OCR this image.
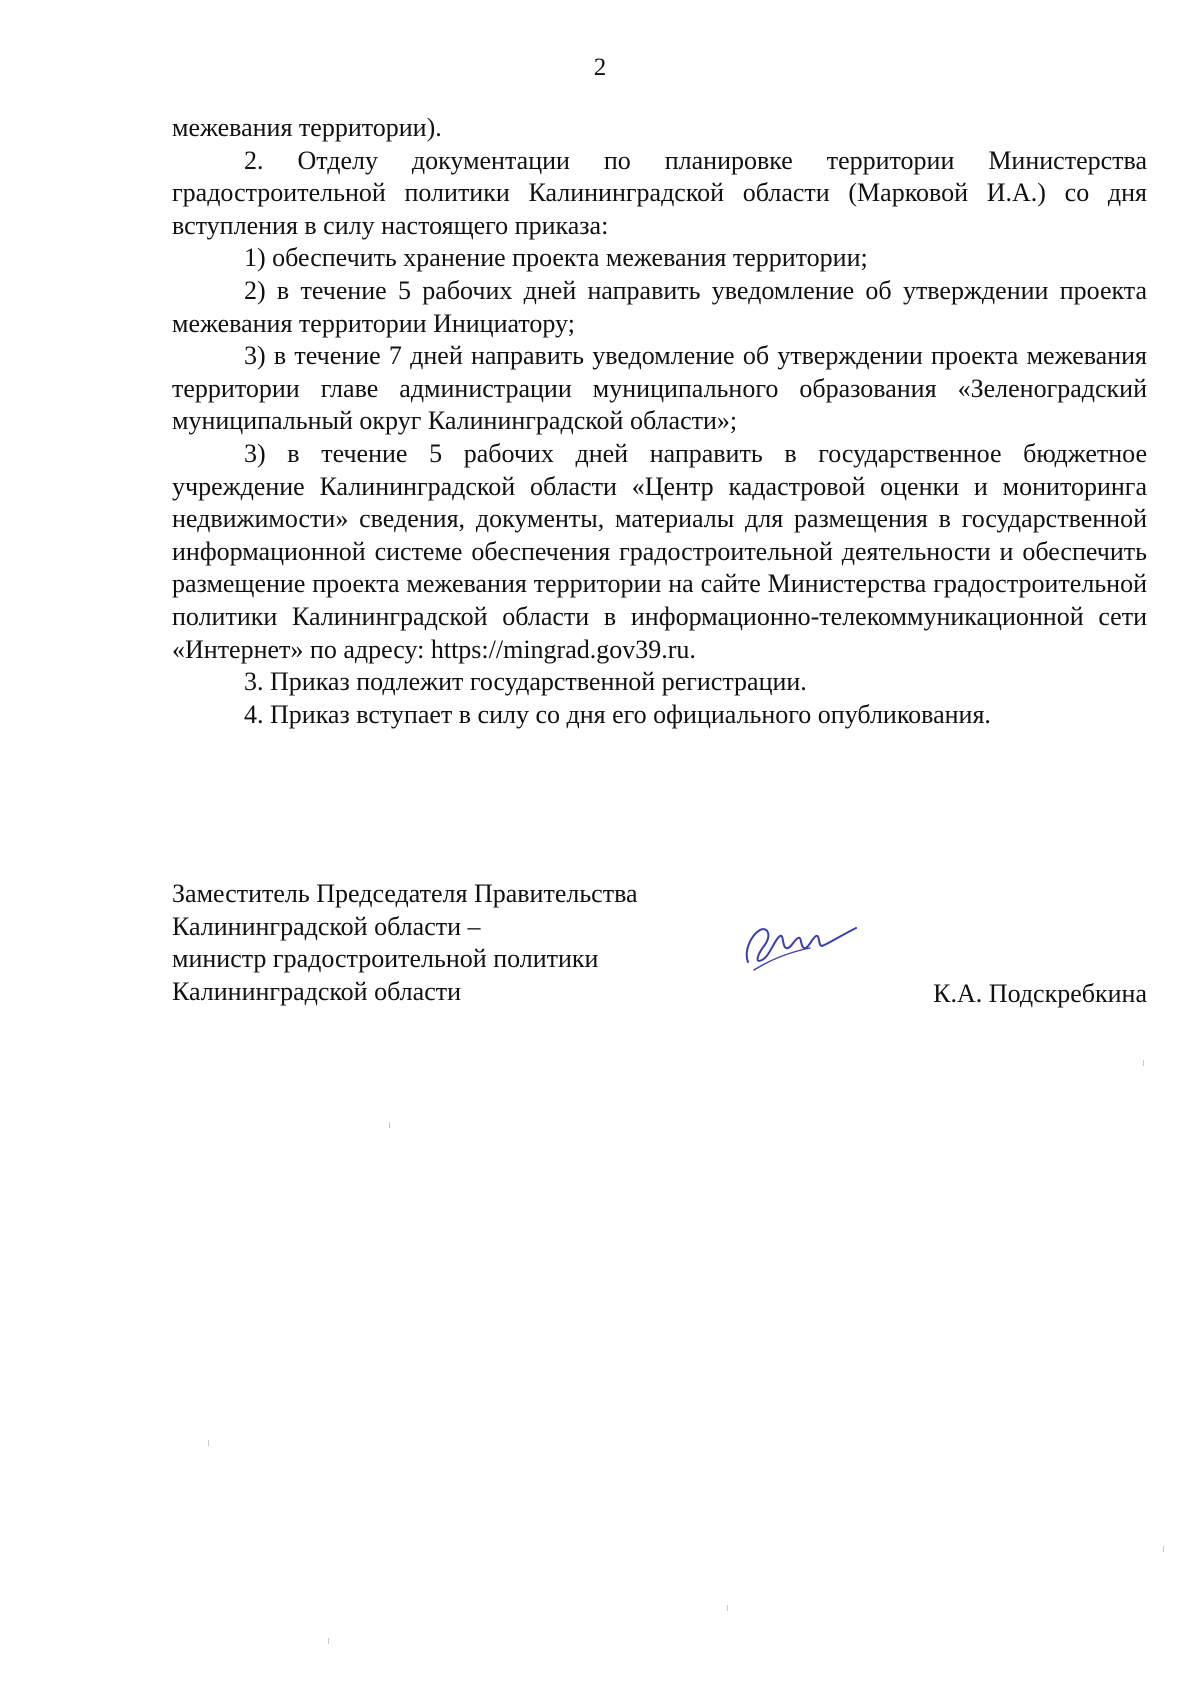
2

межевания территории).

2. Отделу документации по планировке территории Министерства градостроительной политики Калининградской области (Марковой И.А.) со дня вступления в силу настоящего приказа:

1) обеспечить хранение проекта межевания территории;

2) в течение 5 рабочих дней направить уведомление об утверждении проекта межевания территории Инициатору;

3) в течение 7 дней направить уведомление об утверждении проекта межевания территории главе администрации муниципального образования «Зеленоградский муниципальный округ Калининградской области»;

3) в течение 5 рабочих дней направить в государственное бюджетное учреждение Калининградской области «Центр кадастровой оценки и мониторинга недвижимости» сведения, документы, материалы для размещения в государственной информационной системе обеспечения градостроительной деятельности и обеспечить размещение проекта межевания территории на сайте Министерства градостроительной политики Калининградской области в информационно-телекоммуникационной сети «Интернет» по адресу: https://mingrad.gov39.ru.

3. Приказ подлежит государственной регистрации.

4. Приказ вступает в силу со дня его официального опубликования.

Заместитель Председателя Правительства
Калининградской области –
министр градостроительной политики
Калининградской области	К.А. Подскребкина
